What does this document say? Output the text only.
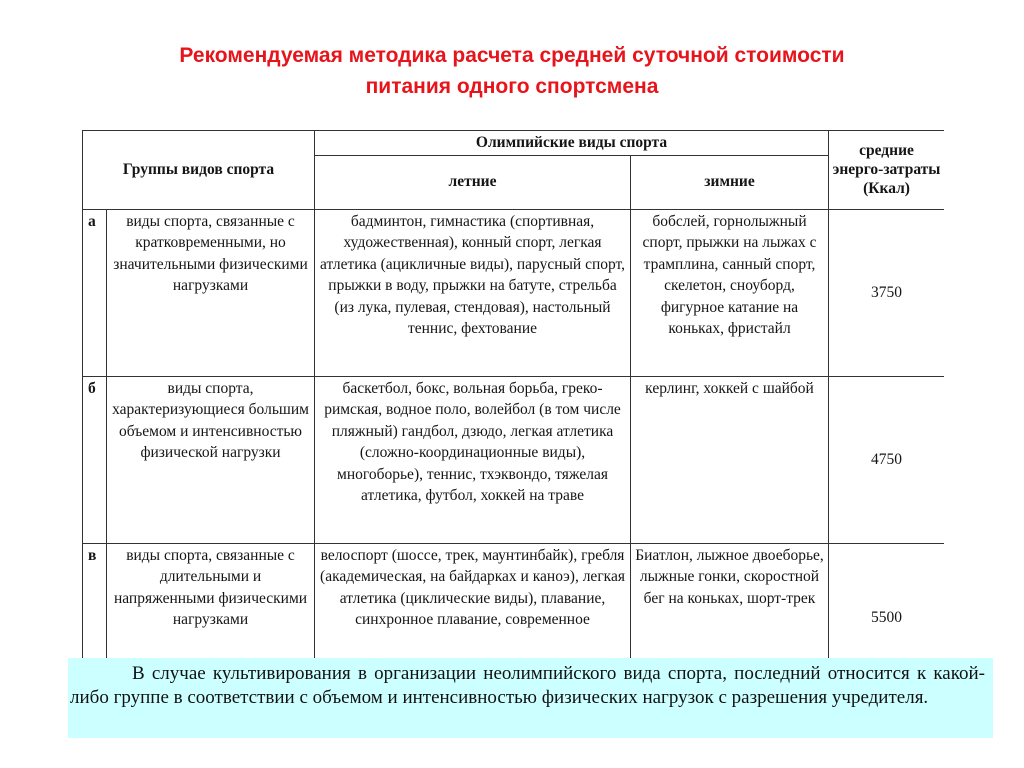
Рекомендуемая методика расчета средней суточной стоимости
питания одного спортсмена
Группы видов спорта		Олимпийские виды спорта		средние энерго-затраты (Ккал)
		летние	зимние	
а	виды спорта, связанные с кратковременными, но значительными физическими нагрузками	бадминтон, гимнастика (спортивная, художественная), конный спорт, легкая атлетика (ацикличные виды), парусный спорт, прыжки в воду, прыжки на батуте, стрельба (из лука, пулевая, стендовая), настольный теннис, фехтование	бобслей, горнолыжный спорт, прыжки на лыжах с трамплина, санный спорт, скелетон, сноуборд, фигурное катание на коньках, фристайл	3750
б	виды спорта, характеризующиеся большим объемом и интенсивностью физической нагрузки	баскетбол, бокс, вольная борьба, греко-римская, водное поло, волейбол (в том числе пляжный) гандбол, дзюдо, легкая атлетика (сложно-координационные виды), многоборье), теннис, тхэквондо, тяжелая атлетика, футбол, хоккей на траве	керлинг, хоккей с шайбой	4750
в	виды спорта, связанные с длительными и напряженными физическими нагрузками	велоспорт (шоссе, трек, маунтинбайк), гребля (академическая, на байдарках и каноэ), легкая атлетика (циклические виды), плавание, синхронное плавание, современное	Биатлон, лыжное двоеборье, лыжные гонки, скоростной бег на коньках, шорт-трек	5500

В случае культивирования в организации неолимпийского вида спорта, последний относится к какой-либо группе в соответствии с объемом и интенсивностью физических нагрузок с разрешения учредителя.
